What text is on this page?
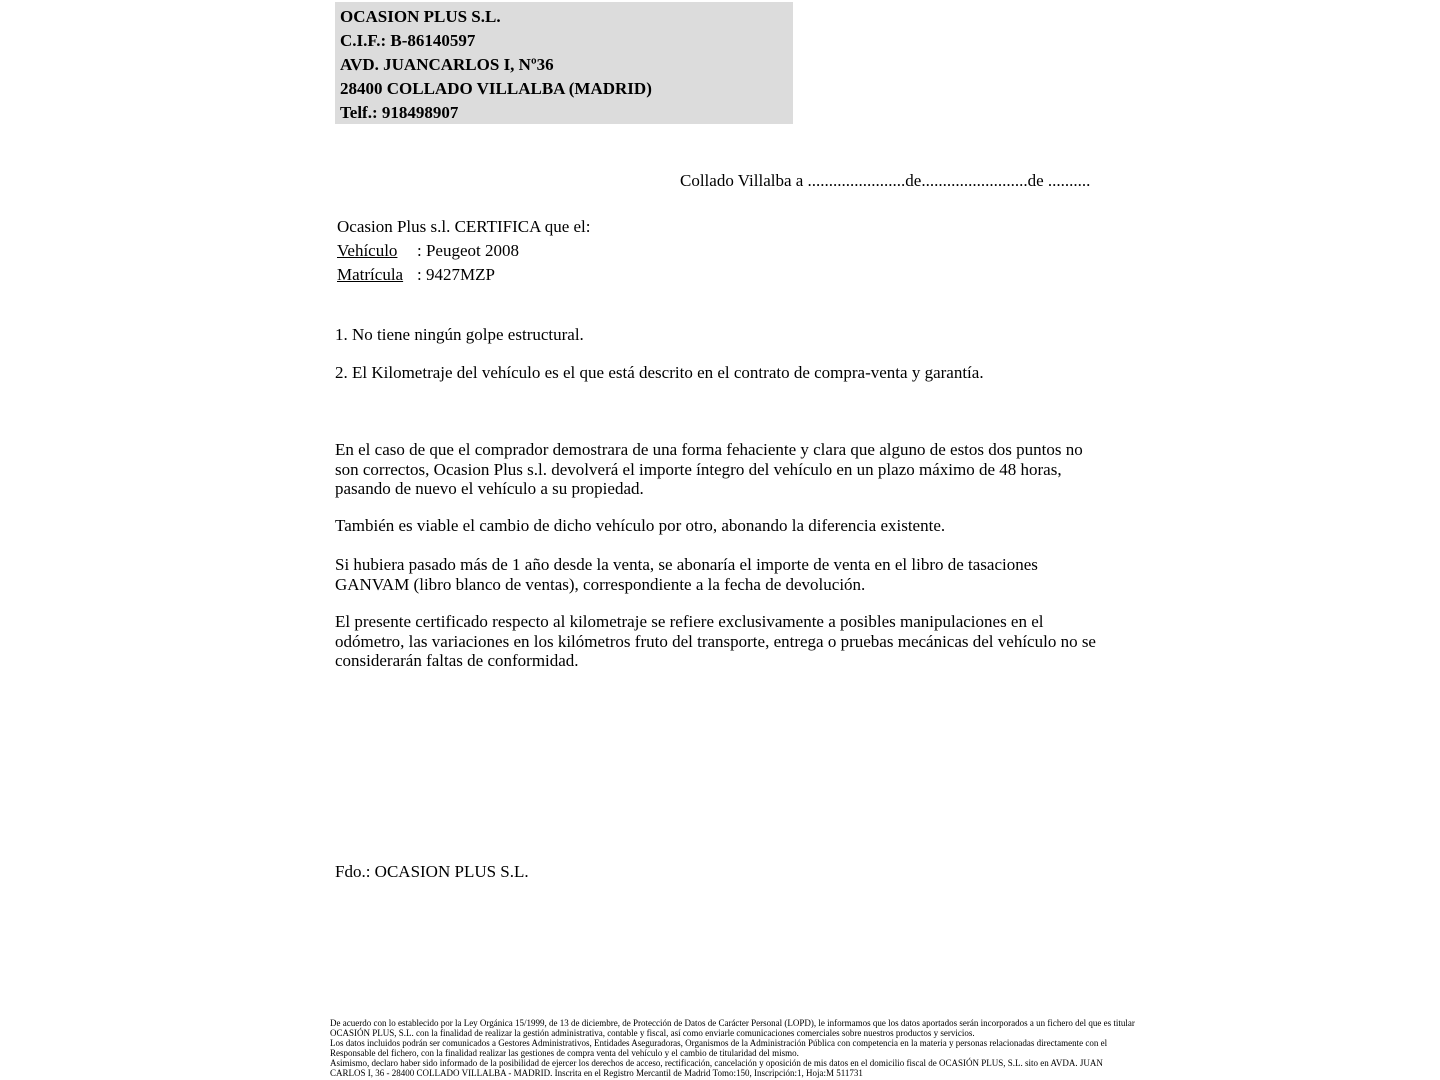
OCASION PLUS S.L.
C.I.F.: B-86140597
AVD. JUANCARLOS I, Nº36
28400 COLLADO VILLALBA (MADRID)
Telf.: 918498907
Collado Villalba a .......................de.........................de ..........
Ocasion Plus s.l. CERTIFICA que el:
Vehículo : Peugeot 2008
Matrícula : 9427MZP
1. No tiene ningún golpe estructural.
2. El Kilometraje del vehículo es el que está descrito en el contrato de compra-venta y garantía.
En el caso de que el comprador demostrara de una forma fehaciente y clara que alguno de estos dos puntos no son correctos, Ocasion Plus s.l. devolverá el importe íntegro del vehículo en un plazo máximo de 48 horas, pasando de nuevo el vehículo a su propiedad.
También es viable el cambio de dicho vehículo por otro, abonando la diferencia existente.
Si hubiera pasado más de 1 año desde la venta, se abonaría el importe de venta en el libro de tasaciones GANVAM (libro blanco de ventas), correspondiente a la fecha de devolución.
El presente certificado respecto al kilometraje se refiere exclusivamente a posibles manipulaciones en el odómetro, las variaciones en los kilómetros fruto del transporte, entrega o pruebas mecánicas del vehículo no se considerarán faltas de conformidad.
Fdo.: OCASION PLUS S.L.
De acuerdo con lo establecido por la Ley Orgánica 15/1999, de 13 de diciembre, de Protección de Datos de Carácter Personal (LOPD), le informamos que los datos aportados serán incorporados a un fichero del que es titular
OCASIÓN PLUS, S.L. con la finalidad de realizar la gestión administrativa, contable y fiscal, así como enviarle comunicaciones comerciales sobre nuestros productos y servicios.
Los datos incluidos podrán ser comunicados a Gestores Administrativos, Entidades Aseguradoras, Organismos de la Administración Pública con competencia en la materia y personas relacionadas directamente con el
Responsable del fichero, con la finalidad realizar las gestiones de compra venta del vehículo y el cambio de titularidad del mismo.
Asimismo, declaro haber sido informado de la posibilidad de ejercer los derechos de acceso, rectificación, cancelación y oposición de mis datos en el domicilio fiscal de OCASIÓN PLUS, S.L. sito en AVDA. JUAN
CARLOS I, 36 - 28400 COLLADO VILLALBA - MADRID. Inscrita en el Registro Mercantil de Madrid Tomo:150, Inscripción:1, Hoja:M 511731
